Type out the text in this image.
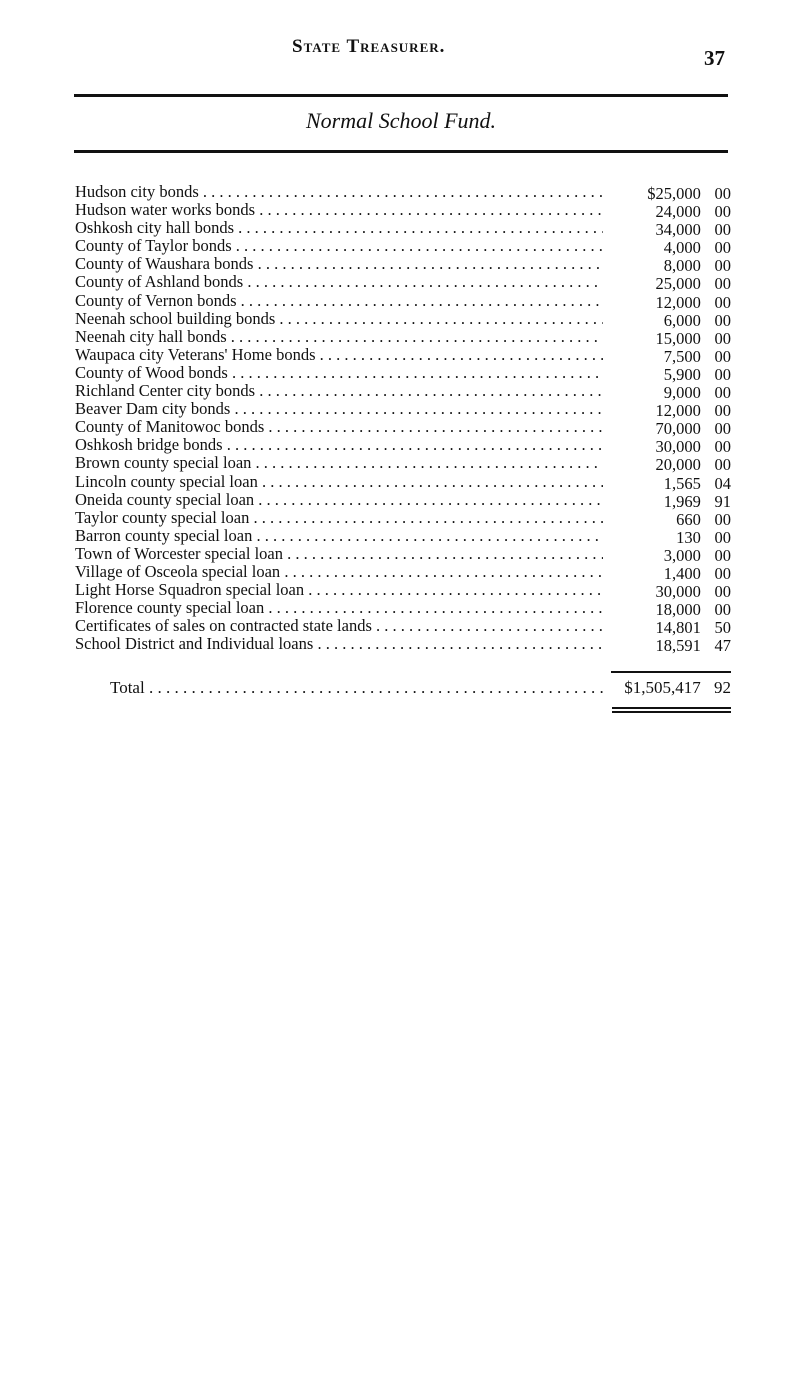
State Treasurer.	37
Normal School Fund.
Hudson city bonds . . .	$25,000 00
Hudson water works bonds . . .	24,000 00
Oshkosh city hall bonds . . .	34,000 00
County of Taylor bonds . . .	4,000 00
County of Waushara bonds . . .	8,000 00
County of Ashland bonds . . .	25,000 00
County of Vernon bonds . . .	12,000 00
Neenah school building bonds . . .	6,000 00
Neenah city hall bonds . . .	15,000 00
Waupaca city Veterans' Home bonds . . .	7,500 00
County of Wood bonds . . .	5,900 00
Richland Center city bonds . . .	9,000 00
Beaver Dam city bonds . . .	12,000 00
County of Manitowoc bonds . . .	70,000 00
Oshkosh bridge bonds . . .	30,000 00
Brown county special loan . . .	20,000 00
Lincoln county special loan . . .	1,565 04
Oneida county special loan . . .	1,969 91
Taylor county special loan . . .	660 00
Barron county special loan . . .	130 00
Town of Worcester special loan . . .	3,000 00
Village of Osceola special loan . . .	1,400 00
Light Horse Squadron special loan . . .	30,000 00
Florence county special loan . . .	18,000 00
Certificates of sales on contracted state lands . . .	14,801 50
School District and Individual loans . . .	18,591 47
Total . . .	$1,505,417 92
